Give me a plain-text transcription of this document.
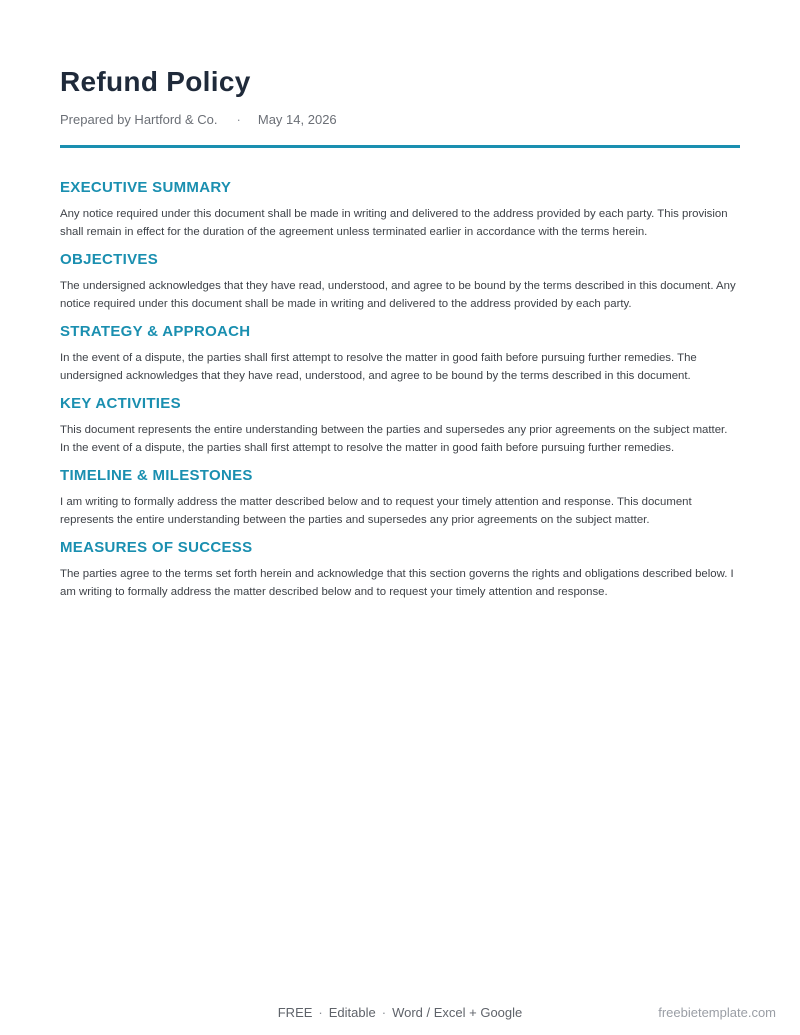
Refund Policy
Prepared by Hartford & Co. · May 14, 2026
EXECUTIVE SUMMARY

Any notice required under this document shall be made in writing and delivered to the address provided by each party. This provision shall remain in effect for the duration of the agreement unless terminated earlier in accordance with the terms herein.

OBJECTIVES

The undersigned acknowledges that they have read, understood, and agree to be bound by the terms described in this document. Any notice required under this document shall be made in writing and delivered to the address provided by each party.

STRATEGY & APPROACH

In the event of a dispute, the parties shall first attempt to resolve the matter in good faith before pursuing further remedies. The undersigned acknowledges that they have read, understood, and agree to be bound by the terms described in this document.

KEY ACTIVITIES

This document represents the entire understanding between the parties and supersedes any prior agreements on the subject matter. In the event of a dispute, the parties shall first attempt to resolve the matter in good faith before pursuing further remedies.

TIMELINE & MILESTONES

I am writing to formally address the matter described below and to request your timely attention and response. This document represents the entire understanding between the parties and supersedes any prior agreements on the subject matter.

MEASURES OF SUCCESS

The parties agree to the terms set forth herein and acknowledge that this section governs the rights and obligations described below. I am writing to formally address the matter described below and to request your timely attention and response.

FREE · Editable · Word / Excel + Google	freebietemplate.com
